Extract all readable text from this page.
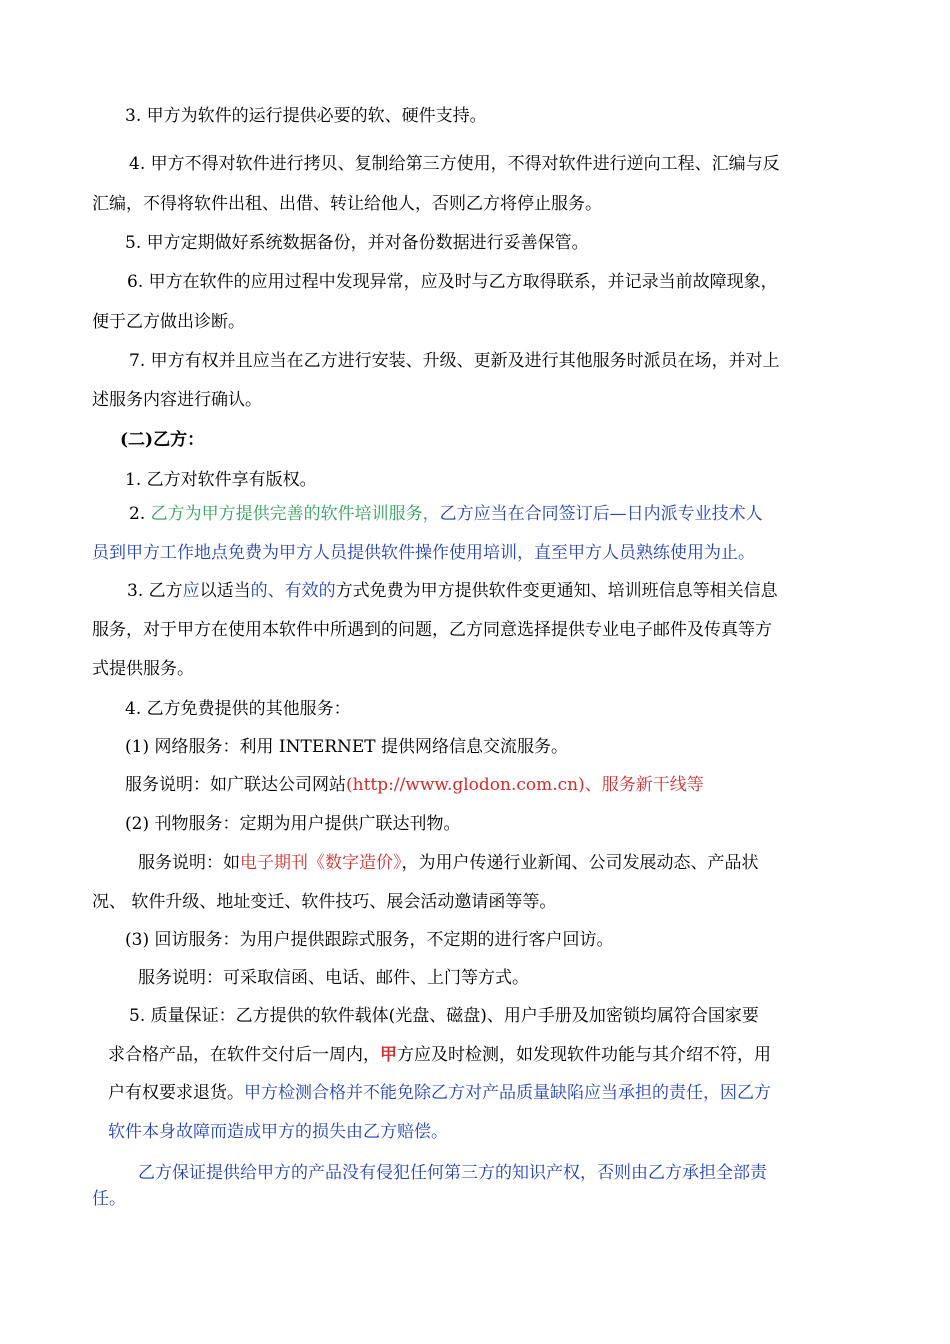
3. 甲方为软件的运行提供必要的软、硬件支持。
4. 甲方不得对软件进行拷贝、复制给第三方使用，不得对软件进行逆向工程、汇编与反
汇编，不得将软件出租、出借、转让给他人，否则乙方将停止服务。
5. 甲方定期做好系统数据备份，并对备份数据进行妥善保管。
6. 甲方在软件的应用过程中发现异常，应及时与乙方取得联系，并记录当前故障现象，
便于乙方做出诊断。
7. 甲方有权并且应当在乙方进行安装、升级、更新及进行其他服务时派员在场，并对上
述服务内容进行确认。
(二)乙方：
1. 乙方对软件享有版权。
2. 乙方为甲方提供完善的软件培训服务，乙方应当在合同签订后—日内派专业技术人
员到甲方工作地点免费为甲方人员提供软件操作使用培训，直至甲方人员熟练使用为止。
3. 乙方应以适当的、有效的方式免费为甲方提供软件变更通知、培训班信息等相关信息
服务，对于甲方在使用本软件中所遇到的问题，乙方同意选择提供专业电子邮件及传真等方
式提供服务。
4. 乙方免费提供的其他服务：
(1) 网络服务：利用 INTERNET 提供网络信息交流服务。
服务说明：如广联达公司网站(http://www.glodon.com.cn)、服务新干线等
(2) 刊物服务：定期为用户提供广联达刊物。
服务说明：如电子期刊《数字造价》，为用户传递行业新闻、公司发展动态、产品状
况、 软件升级、地址变迁、软件技巧、展会活动邀请函等等。
(3) 回访服务：为用户提供跟踪式服务，不定期的进行客户回访。
服务说明：可采取信函、电话、邮件、上门等方式。
5. 质量保证：乙方提供的软件载体(光盘、磁盘)、用户手册及加密锁均属符合国家要
求合格产品，在软件交付后一周内，甲方应及时检测，如发现软件功能与其介绍不符，用
户有权要求退货。甲方检测合格并不能免除乙方对产品质量缺陷应当承担的责任，因乙方
软件本身故障而造成甲方的损失由乙方赔偿。
乙方保证提供给甲方的产品没有侵犯任何第三方的知识产权，否则由乙方承担全部责
任。
